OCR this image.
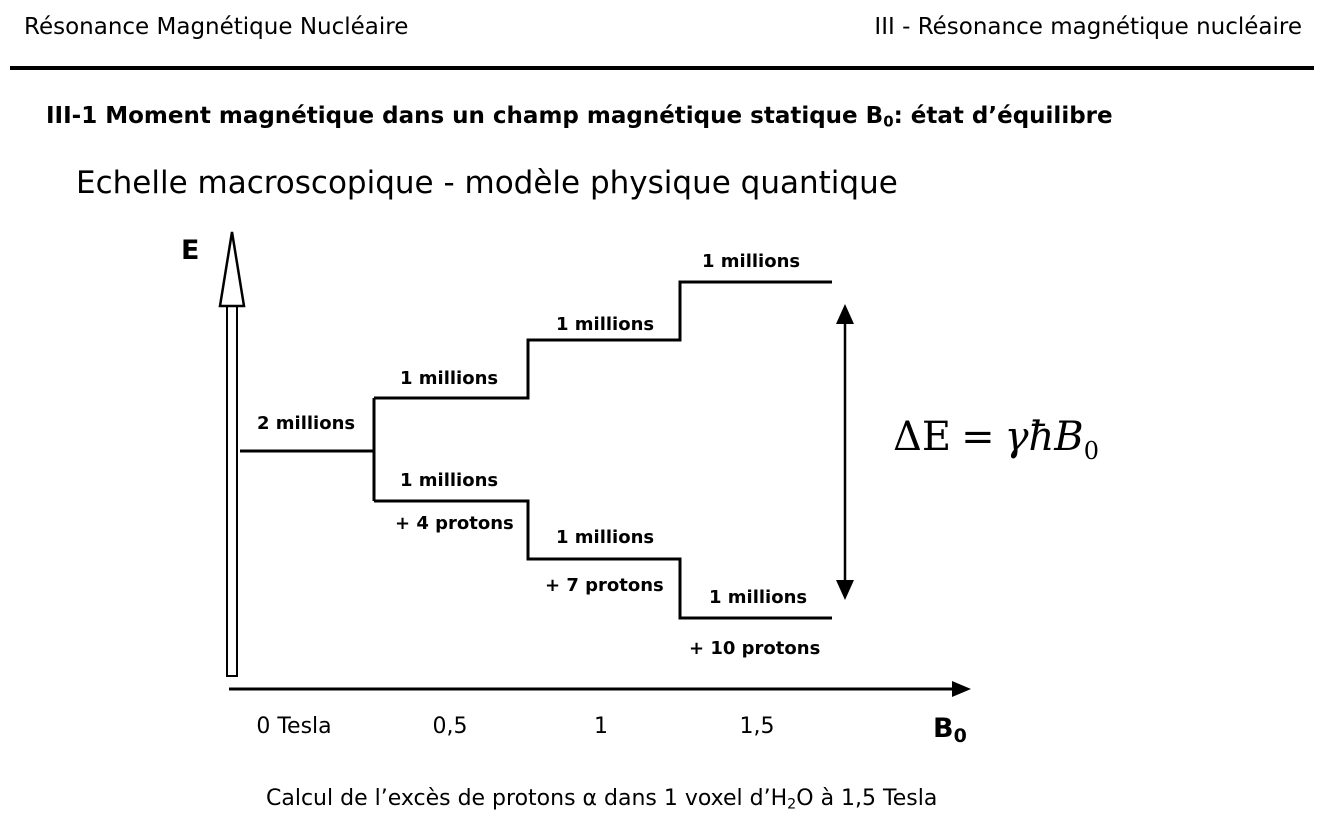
Résonance Magnétique Nucléaire	III - Résonance magnétique nucléaire
III-1 Moment magnétique dans un champ magnétique statique $B_0$: état d’équilibre
Echelle macroscopique - modèle physique quantique
E
B0
0 Tesla	0,5	1	1,5
2 millions
1 millions
1 millions
1 millions
1 millions
+ 4 protons
1 millions
+ 7 protons
1 millions
+ 10 protons
ΔE = γħB$_0$
Calcul de l’excès de protons α dans 1 voxel $d’H_2O$ à 1,5 Tesla
